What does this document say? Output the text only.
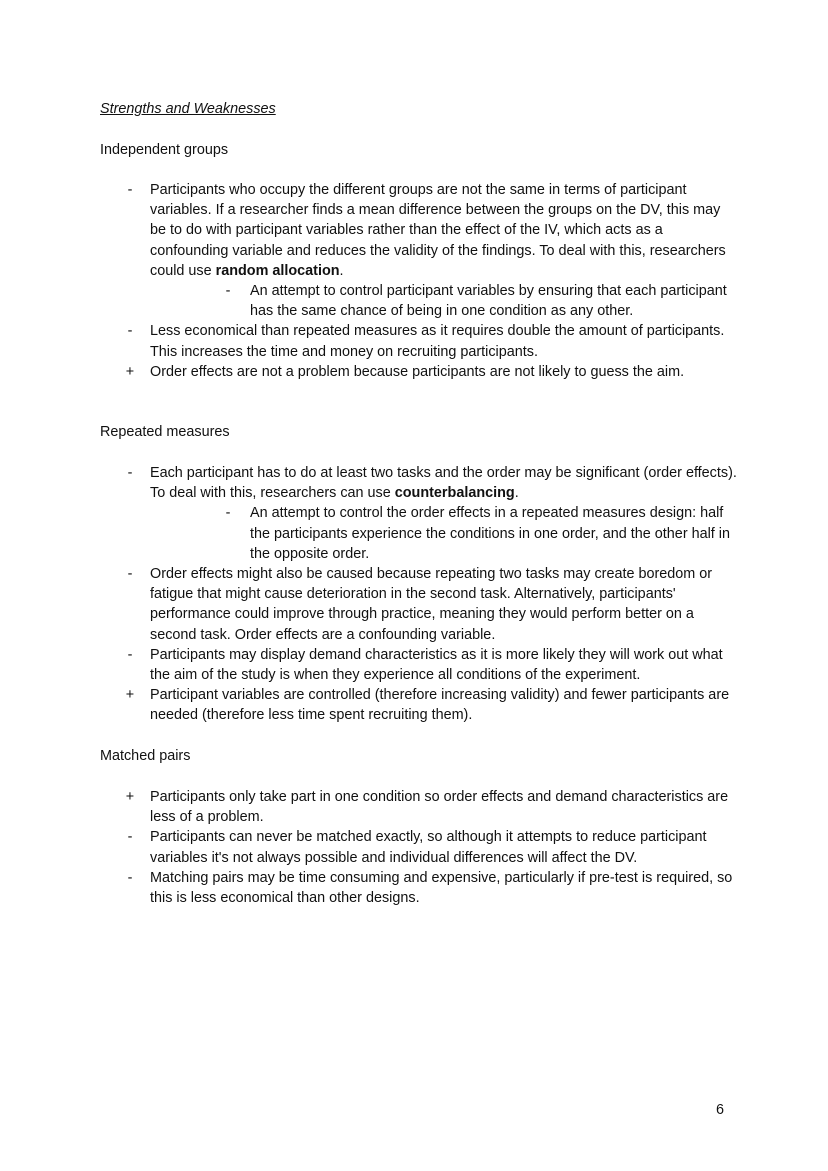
Strengths and Weaknesses
Independent groups
-	Participants who occupy the different groups are not the same in terms of participant variables. If a researcher finds a mean difference between the groups on the DV, this may be to do with participant variables rather than the effect of the IV, which acts as a confounding variable and reduces the validity of the findings. To deal with this, researchers could use random allocation.
-	An attempt to control participant variables by ensuring that each participant has the same chance of being in one condition as any other.
-	Less economical than repeated measures as it requires double the amount of participants. This increases the time and money on recruiting participants.
+ Order effects are not a problem because participants are not likely to guess the aim.
Repeated measures
-	Each participant has to do at least two tasks and the order may be significant (order effects). To deal with this, researchers can use counterbalancing.
-	An attempt to control the order effects in a repeated measures design: half the participants experience the conditions in one order, and the other half in the opposite order.
-	Order effects might also be caused because repeating two tasks may create boredom or fatigue that might cause deterioration in the second task. Alternatively, participants' performance could improve through practice, meaning they would perform better on a second task. Order effects are a confounding variable.
-	Participants may display demand characteristics as it is more likely they will work out what the aim of the study is when they experience all conditions of the experiment.
+ Participant variables are controlled (therefore increasing validity) and fewer participants are needed (therefore less time spent recruiting them).
Matched pairs
+ Participants only take part in one condition so order effects and demand characteristics are less of a problem.
-	Participants can never be matched exactly, so although it attempts to reduce participant variables it's not always possible and individual differences will affect the DV.
-	Matching pairs may be time consuming and expensive, particularly if pre-test is required, so this is less economical than other designs.
6
